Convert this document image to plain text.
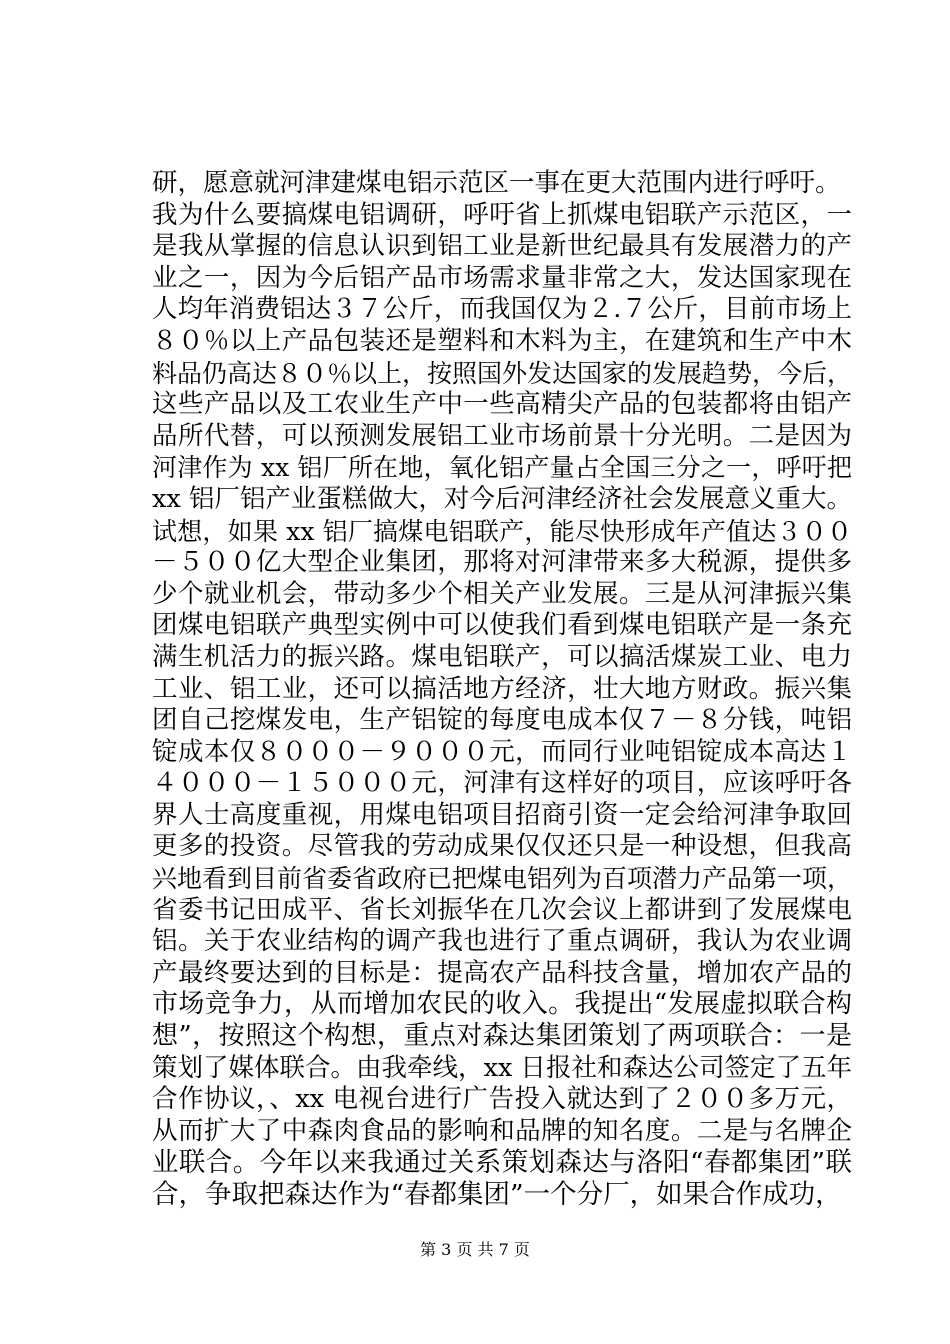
研，愿意就河津建煤电铝示范区一事在更大范围内进行呼吁。
我为什么要搞煤电铝调研，呼吁省上抓煤电铝联产示范区，一
是我从掌握的信息认识到铝工业是新世纪最具有发展潜力的产
业之一，因为今后铝产品市场需求量非常之大，发达国家现在
人均年消费铝达３７公斤，而我国仅为２.７公斤，目前市场上
８０％以上产品包装还是塑料和木料为主，在建筑和生产中木
料品仍高达８０％以上，按照国外发达国家的发展趋势，今后，
这些产品以及工农业生产中一些高精尖产品的包装都将由铝产
品所代替，可以预测发展铝工业市场前景十分光明。二是因为
河津作为 xx 铝厂所在地，氧化铝产量占全国三分之一，呼吁把
xx 铝厂铝产业蛋糕做大，对今后河津经济社会发展意义重大。
试想，如果 xx 铝厂搞煤电铝联产，能尽快形成年产值达３００
－５００亿大型企业集团，那将对河津带来多大税源，提供多
少个就业机会，带动多少个相关产业发展。三是从河津振兴集
团煤电铝联产典型实例中可以使我们看到煤电铝联产是一条充
满生机活力的振兴路。煤电铝联产，可以搞活煤炭工业、电力
工业、铝工业，还可以搞活地方经济，壮大地方财政。振兴集
团自己挖煤发电，生产铝锭的每度电成本仅７－８分钱，吨铝
锭成本仅８０００－９０００元，而同行业吨铝锭成本高达１
４０００－１５０００元，河津有这样好的项目，应该呼吁各
界人士高度重视，用煤电铝项目招商引资一定会给河津争取回
更多的投资。尽管我的劳动成果仅仅还只是一种设想，但我高
兴地看到目前省委省政府已把煤电铝列为百项潜力产品第一项，
省委书记田成平、省长刘振华在几次会议上都讲到了发展煤电
铝。关于农业结构的调产我也进行了重点调研，我认为农业调
产最终要达到的目标是：提高农产品科技含量，增加农产品的
市场竞争力，从而增加农民的收入。我提出“发展虚拟联合构
想”，按照这个构想，重点对森达集团策划了两项联合：一是
策划了媒体联合。由我牵线，xx 日报社和森达公司签定了五年
合作协议，、xx 电视台进行广告投入就达到了２００多万元，
从而扩大了中森肉食品的影响和品牌的知名度。二是与名牌企
业联合。今年以来我通过关系策划森达与洛阳“春都集团”联
合，争取把森达作为“春都集团”一个分厂，如果合作成功，
第 3 页 共 7 页
